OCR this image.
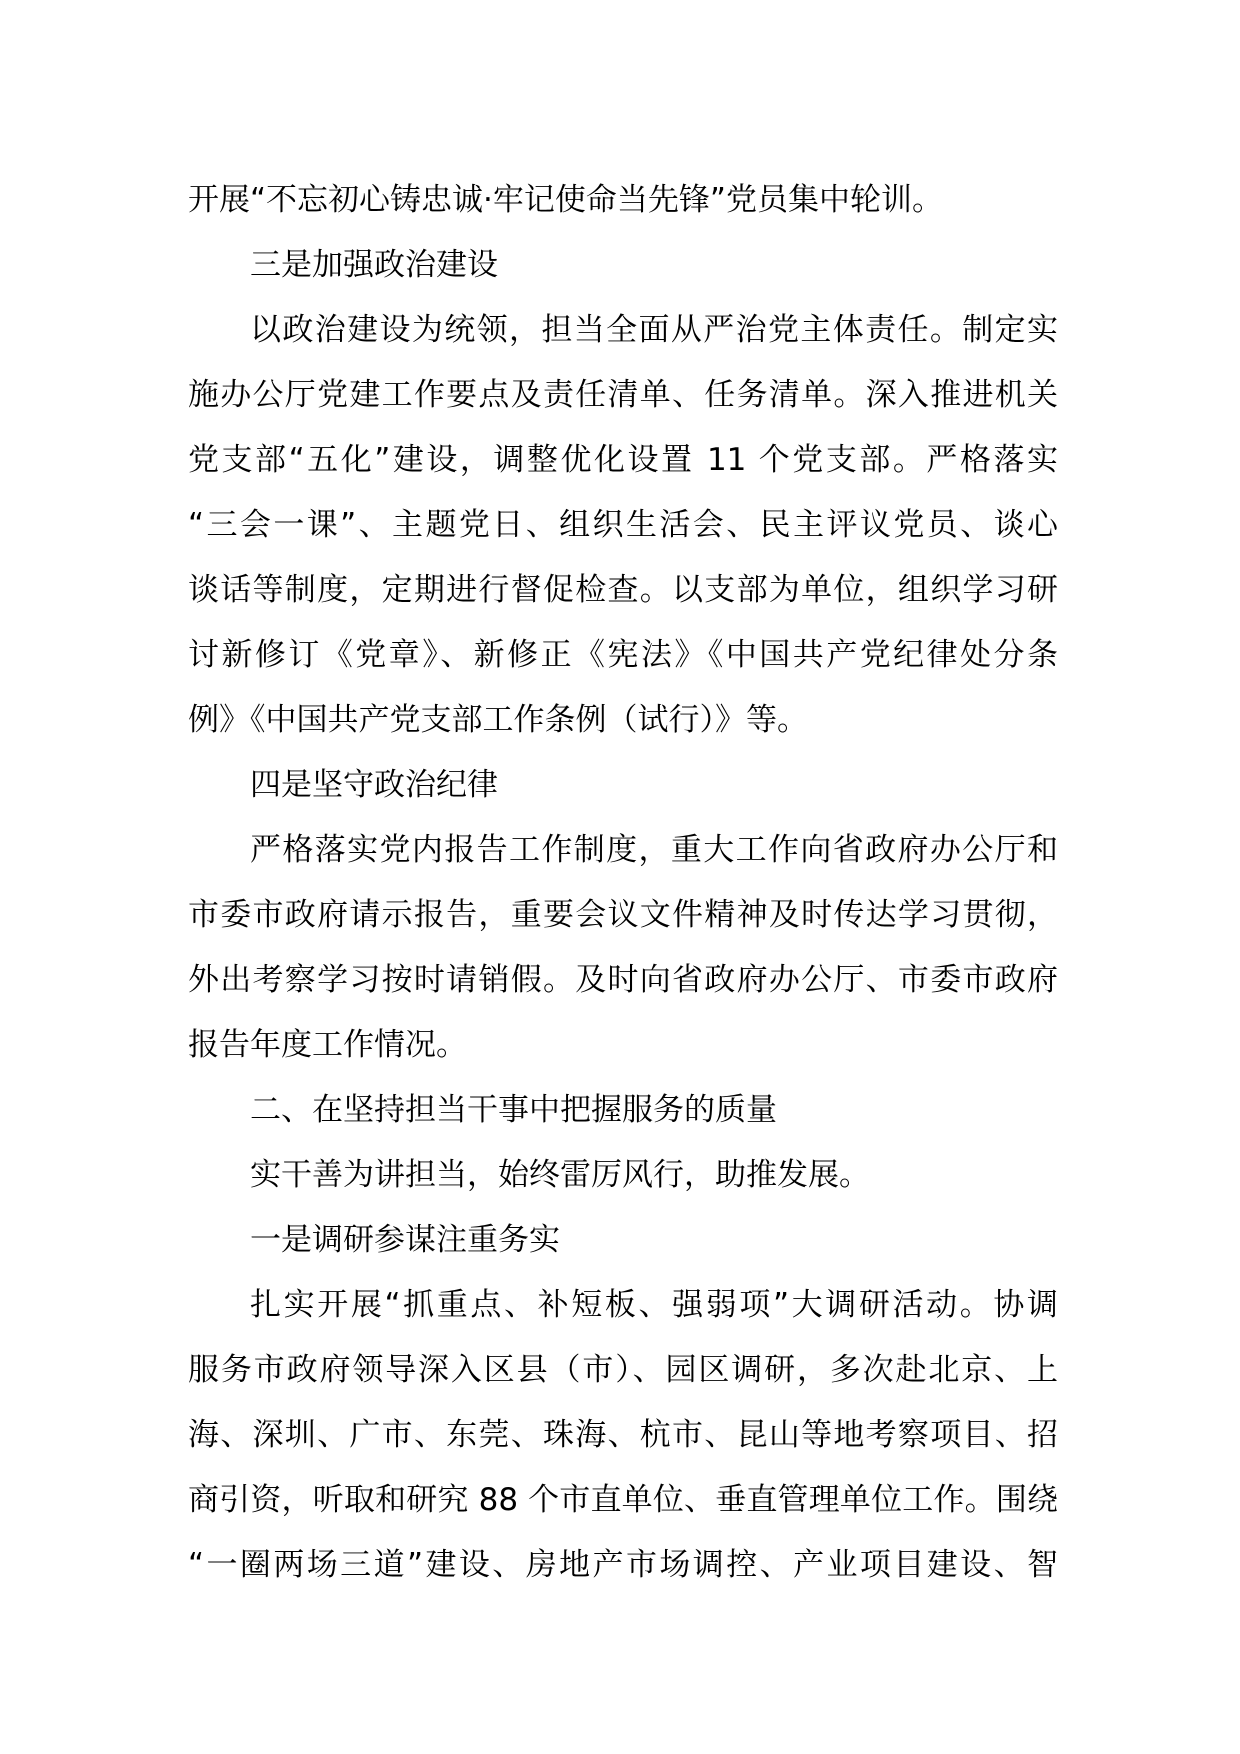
开展“不忘初心铸忠诚·牢记使命当先锋”党员集中轮训。
三是加强政治建设
以政治建设为统领，担当全面从严治党主体责任。制定实
施办公厅党建工作要点及责任清单、任务清单。深入推进机关
党支部“五化”建设，调整优化设置 11 个党支部。严格落实
“三会一课”、主题党日、组织生活会、民主评议党员、谈心
谈话等制度，定期进行督促检查。以支部为单位，组织学习研
讨新修订《党章》、新修正《宪法》《中国共产党纪律处分条
例》《中国共产党支部工作条例（试行）》等。
四是坚守政治纪律
严格落实党内报告工作制度，重大工作向省政府办公厅和
市委市政府请示报告，重要会议文件精神及时传达学习贯彻，
外出考察学习按时请销假。及时向省政府办公厅、市委市政府
报告年度工作情况。
二、在坚持担当干事中把握服务的质量
实干善为讲担当，始终雷厉风行，助推发展。
一是调研参谋注重务实
扎实开展“抓重点、补短板、强弱项”大调研活动。协调
服务市政府领导深入区县（市）、园区调研，多次赴北京、上
海、深圳、广市、东莞、珠海、杭市、昆山等地考察项目、招
商引资，听取和研究 88 个市直单位、垂直管理单位工作。围绕
“一圈两场三道”建设、房地产市场调控、产业项目建设、智
